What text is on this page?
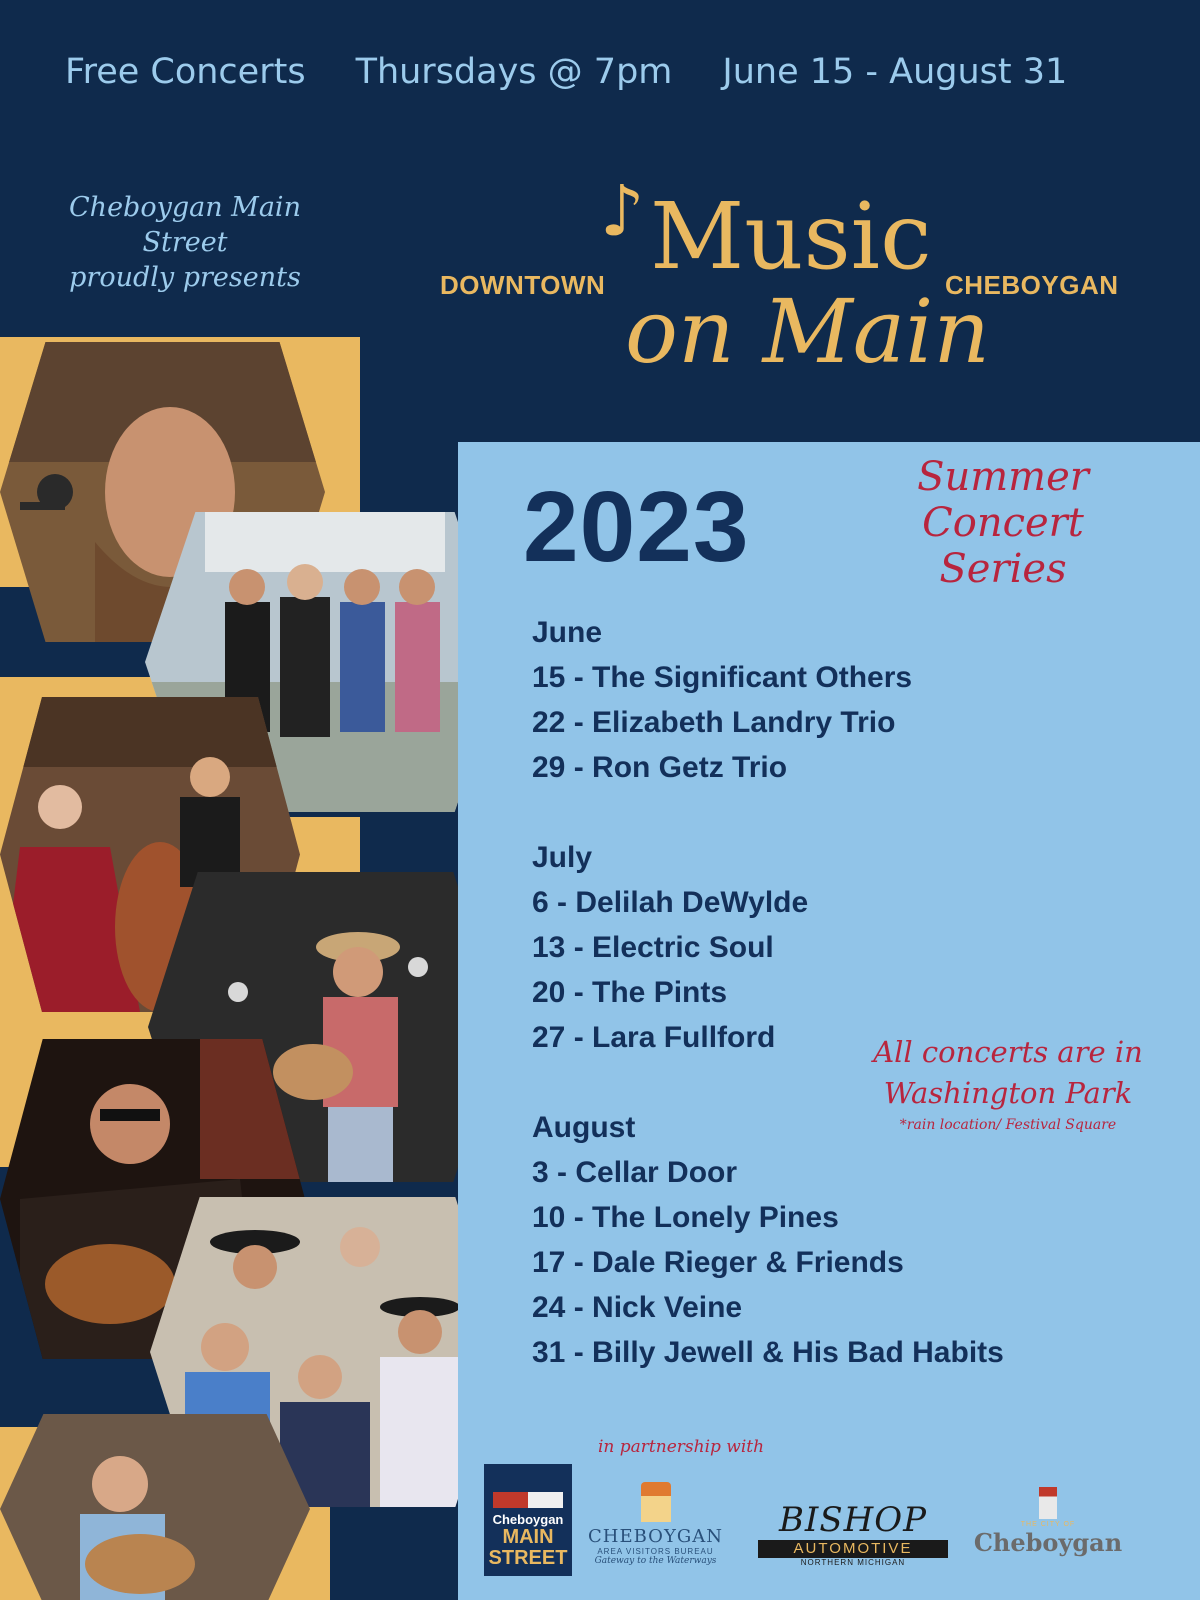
Free Concerts Thursdays @ 7pm June 15 - August 31
Cheboygan Main Street
proudly presents
♪ Music
DOWNTOWN	CHEBOYGAN
on Main
2023	Summer
Concert Series
June
15 - The Significant Others
22 - Elizabeth Landry Trio
29 - Ron Getz Trio
July
6 - Delilah DeWylde
13 - Electric Soul
20 - The Pints
27 - Lara Fullford
August
3 - Cellar Door
10 - The Lonely Pines
17 - Dale Rieger & Friends
24 - Nick Veine
31 - Billy Jewell & His Bad Habits
All concerts are in
Washington Park
*rain location/ Festival Square
in partnership with
Cheboygan
MAIN
STREET
CHEBOYGAN
AREA VISITORS BUREAU
Gateway to the Waterways
BISHOP
AUTOMOTIVE
NORTHERN MICHIGAN
THE CITY OF
Cheboygan
